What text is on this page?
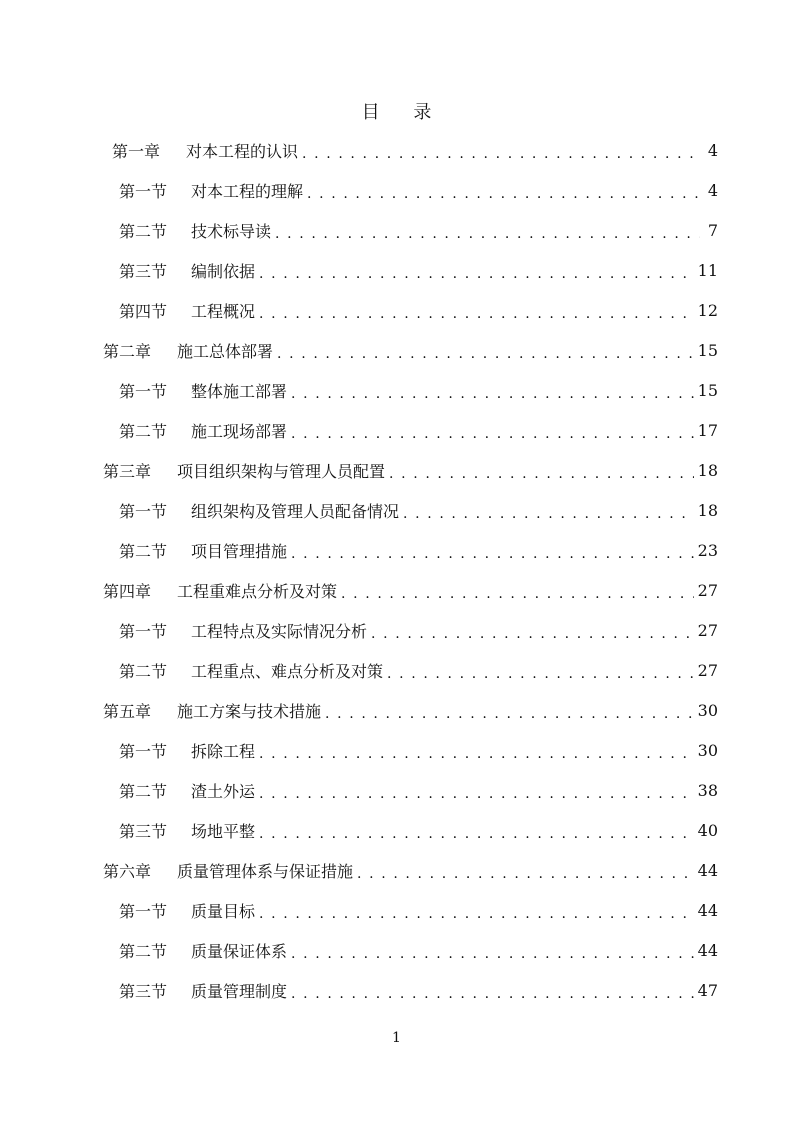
目 录
第一章 对本工程的认识 . . .	4
第一节 对本工程的理解 . . .	4
第二节 技术标导读 . . .	7
第三节 编制依据 . . .	11
第四节 工程概况 . . .	12
第二章 施工总体部署 . . .	15
第一节 整体施工部署 . . .	15
第二节 施工现场部署 . . .	17
第三章 项目组织架构与管理人员配置 . . .	18
第一节 组织架构及管理人员配备情况 . . .	18
第二节 项目管理措施 . . .	23
第四章 工程重难点分析及对策 . . .	27
第一节 工程特点及实际情况分析 . . .	27
第二节 工程重点、难点分析及对策 . . .	27
第五章 施工方案与技术措施 . . .	30
第一节 拆除工程 . . .	30
第二节 渣土外运 . . .	38
第三节 场地平整 . . .	40
第六章 质量管理体系与保证措施 . . .	44
第一节 质量目标 . . .	44
第二节 质量保证体系 . . .	44
第三节 质量管理制度 . . .	47
1
